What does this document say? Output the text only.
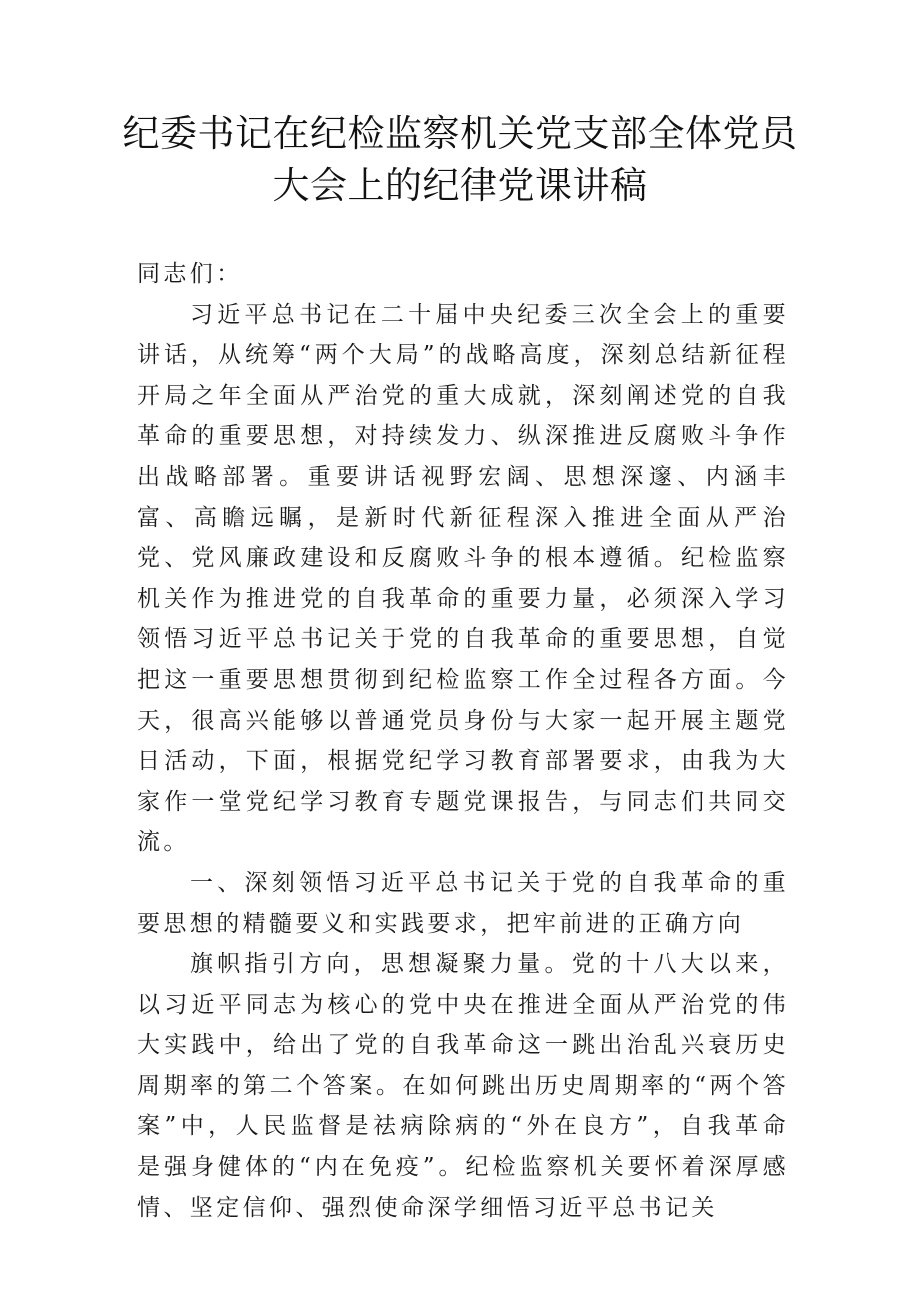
纪委书记在纪检监察机关党支部全体党员
大会上的纪律党课讲稿

同志们：

习近平总书记在二十届中央纪委三次全会上的重要讲话，从统筹“两个大局”的战略高度，深刻总结新征程开局之年全面从严治党的重大成就，深刻阐述党的自我革命的重要思想，对持续发力、纵深推进反腐败斗争作出战略部署。重要讲话视野宏阔、思想深邃、内涵丰富、高瞻远瞩，是新时代新征程深入推进全面从严治党、党风廉政建设和反腐败斗争的根本遵循。纪检监察机关作为推进党的自我革命的重要力量，必须深入学习领悟习近平总书记关于党的自我革命的重要思想，自觉把这一重要思想贯彻到纪检监察工作全过程各方面。今天，很高兴能够以普通党员身份与大家一起开展主题党日活动，下面，根据党纪学习教育部署要求，由我为大家作一堂党纪学习教育专题党课报告，与同志们共同交流。

一、深刻领悟习近平总书记关于党的自我革命的重要思想的精髓要义和实践要求，把牢前进的正确方向

旗帜指引方向，思想凝聚力量。党的十八大以来，以习近平同志为核心的党中央在推进全面从严治党的伟大实践中，给出了党的自我革命这一跳出治乱兴衰历史周期率的第二个答案。在如何跳出历史周期率的“两个答案”中，人民监督是祛病除病的“外在良方”，自我革命是强身健体的“内在免疫”。纪检监察机关要怀着深厚感情、坚定信仰、强烈使命深学细悟习近平总书记关
